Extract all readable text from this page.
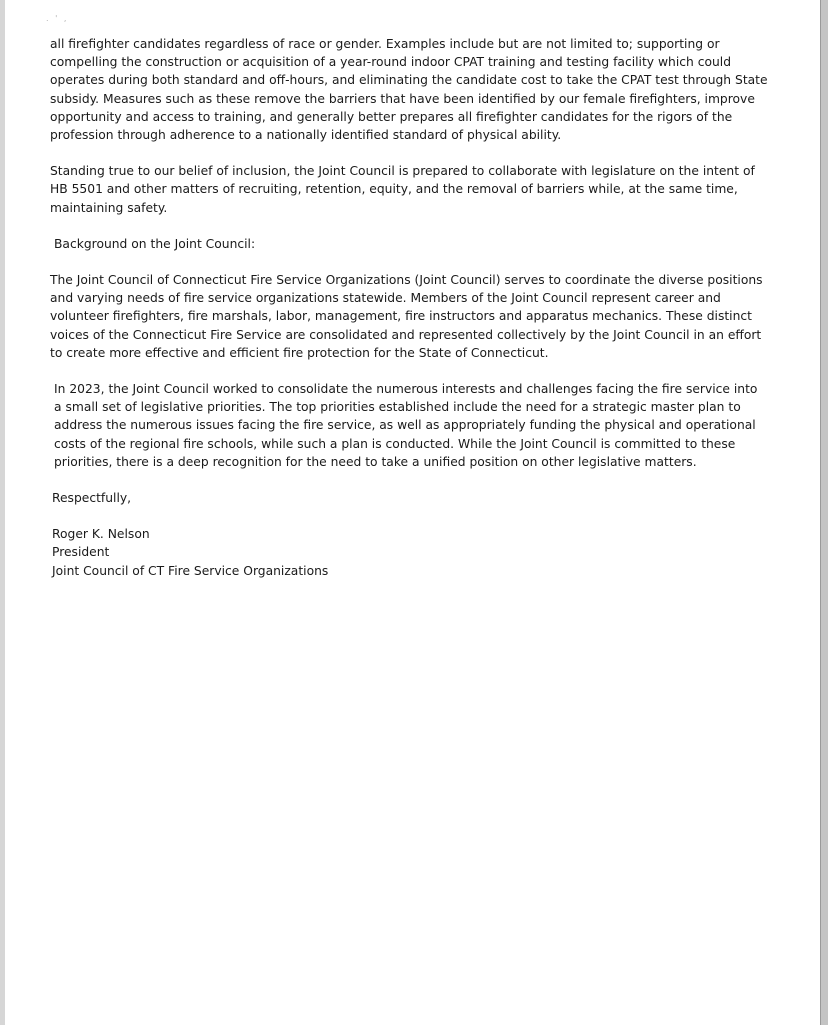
. ' ,

all firefighter candidates regardless of race or gender. Examples include but are not limited to; supporting or compelling the construction or acquisition of a year-round indoor CPAT training and testing facility which could operates during both standard and off-hours, and eliminating the candidate cost to take the CPAT test through State subsidy. Measures such as these remove the barriers that have been identified by our female firefighters, improve opportunity and access to training, and generally better prepares all firefighter candidates for the rigors of the profession through adherence to a nationally identified standard of physical ability.

Standing true to our belief of inclusion, the Joint Council is prepared to collaborate with legislature on the intent of HB 5501 and other matters of recruiting, retention, equity, and the removal of barriers while, at the same time, maintaining safety.

Background on the Joint Council:

The Joint Council of Connecticut Fire Service Organizations (Joint Council) serves to coordinate the diverse positions and varying needs of fire service organizations statewide. Members of the Joint Council represent career and volunteer firefighters, fire marshals, labor, management, fire instructors and apparatus mechanics. These distinct voices of the Connecticut Fire Service are consolidated and represented collectively by the Joint Council in an effort to create more effective and efficient fire protection for the State of Connecticut.

In 2023, the Joint Council worked to consolidate the numerous interests and challenges facing the fire service into a small set of legislative priorities. The top priorities established include the need for a strategic master plan to address the numerous issues facing the fire service, as well as appropriately funding the physical and operational costs of the regional fire schools, while such a plan is conducted. While the Joint Council is committed to these priorities, there is a deep recognition for the need to take a unified position on other legislative matters.

Respectfully,

Roger K. Nelson
President
Joint Council of CT Fire Service Organizations
